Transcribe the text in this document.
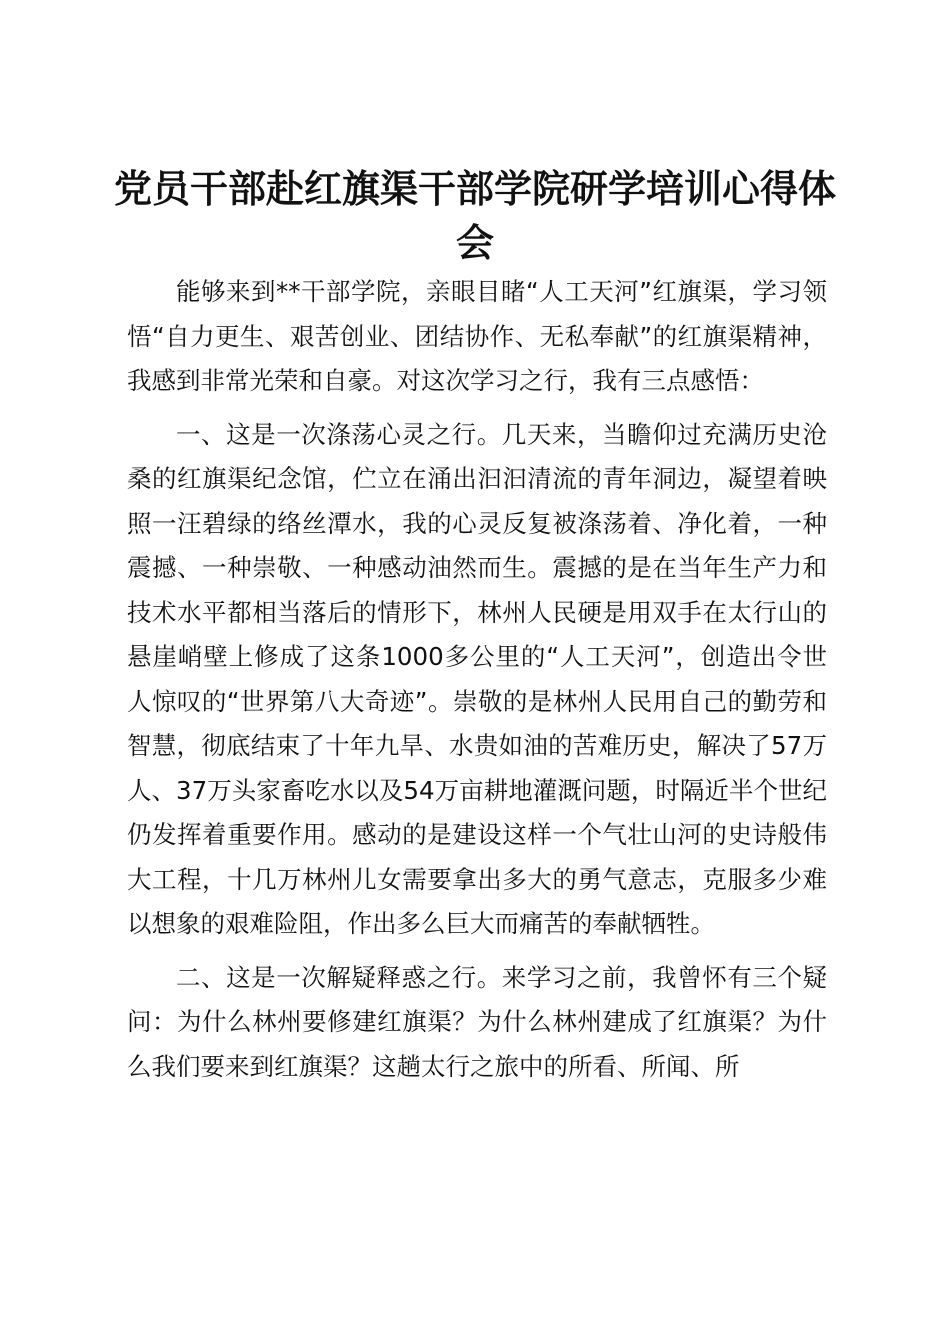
党员干部赴红旗渠干部学院研学培训心得体会

能够来到**干部学院，亲眼目睹“人工天河”红旗渠，学习领悟“自力更生、艰苦创业、团结协作、无私奉献”的红旗渠精神，我感到非常光荣和自豪。对这次学习之行，我有三点感悟：

一、这是一次涤荡心灵之行。几天来，当瞻仰过充满历史沧桑的红旗渠纪念馆，伫立在涌出汩汩清流的青年洞边，凝望着映照一汪碧绿的络丝潭水，我的心灵反复被涤荡着、净化着，一种震撼、一种崇敬、一种感动油然而生。震撼的是在当年生产力和技术水平都相当落后的情形下，林州人民硬是用双手在太行山的悬崖峭壁上修成了这条1000多公里的“人工天河”，创造出令世人惊叹的“世界第八大奇迹”。崇敬的是林州人民用自己的勤劳和智慧，彻底结束了十年九旱、水贵如油的苦难历史，解决了57万人、37万头家畜吃水以及54万亩耕地灌溉问题，时隔近半个世纪仍发挥着重要作用。感动的是建设这样一个气壮山河的史诗般伟大工程，十几万林州儿女需要拿出多大的勇气意志，克服多少难以想象的艰难险阻，作出多么巨大而痛苦的奉献牺牲。

二、这是一次解疑释惑之行。来学习之前，我曾怀有三个疑问：为什么林州要修建红旗渠？为什么林州建成了红旗渠？为什么我们要来到红旗渠？这趟太行之旅中的所看、所闻、所
